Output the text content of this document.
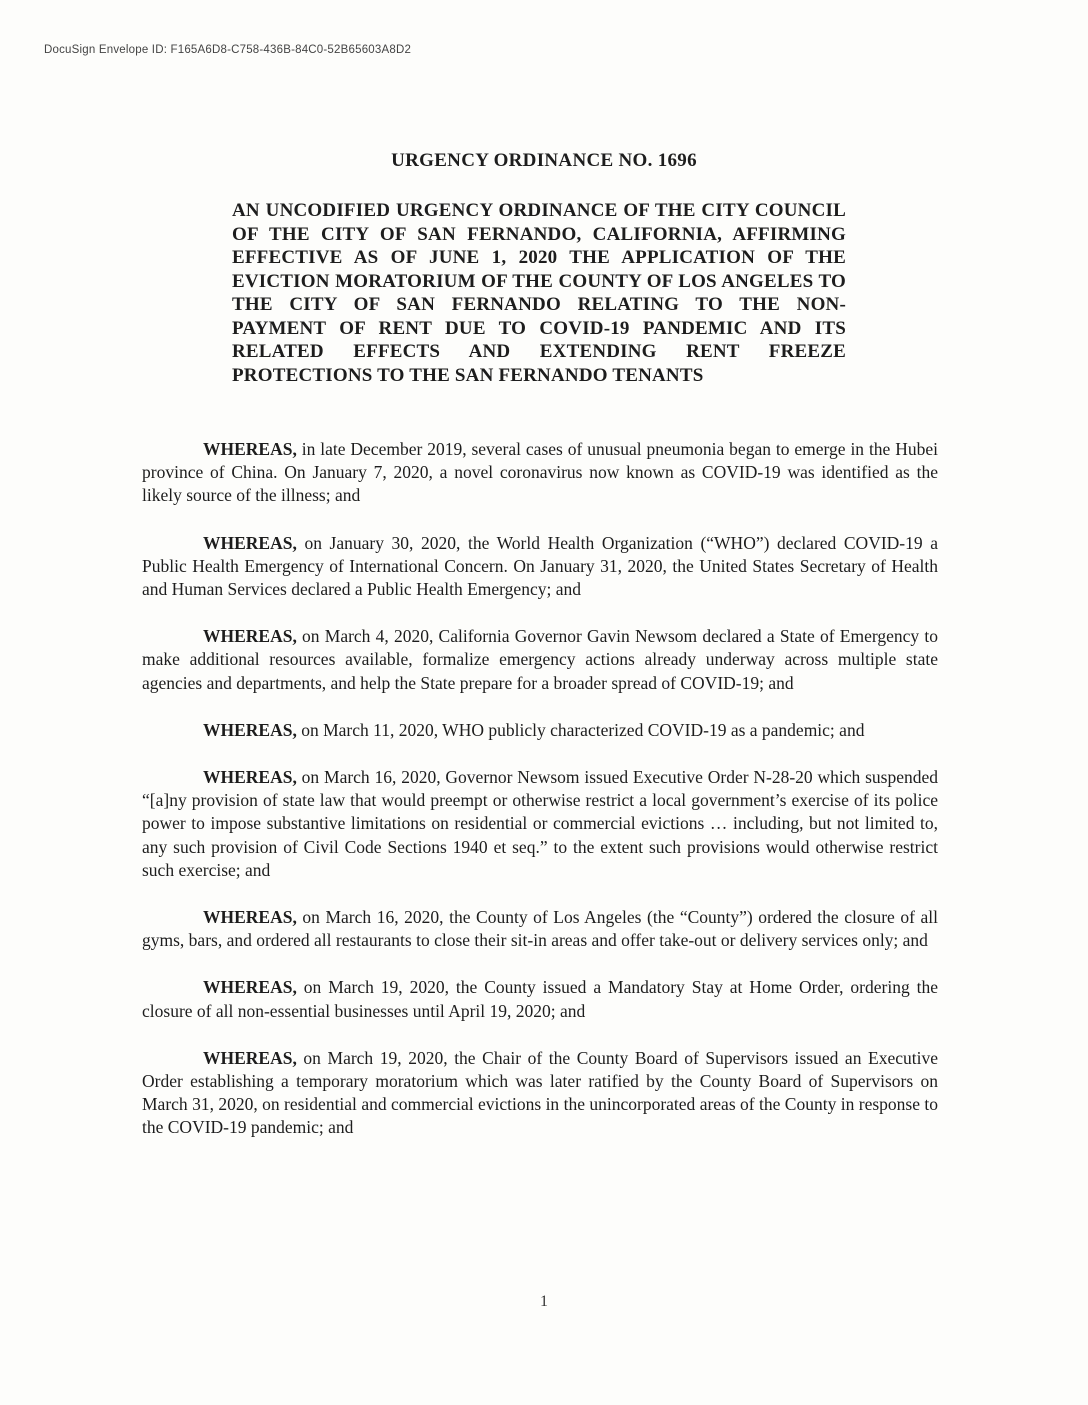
DocuSign Envelope ID: F165A6D8-C758-436B-84C0-52B65603A8D2
URGENCY ORDINANCE NO. 1696
AN UNCODIFIED URGENCY ORDINANCE OF THE CITY COUNCIL OF THE CITY OF SAN FERNANDO, CALIFORNIA, AFFIRMING EFFECTIVE AS OF JUNE 1, 2020 THE APPLICATION OF THE EVICTION MORATORIUM OF THE COUNTY OF LOS ANGELES TO THE CITY OF SAN FERNANDO RELATING TO THE NON-PAYMENT OF RENT DUE TO COVID-19 PANDEMIC AND ITS RELATED EFFECTS AND EXTENDING RENT FREEZE PROTECTIONS TO THE SAN FERNANDO TENANTS

WHEREAS, in late December 2019, several cases of unusual pneumonia began to emerge in the Hubei province of China. On January 7, 2020, a novel coronavirus now known as COVID-19 was identified as the likely source of the illness; and

WHEREAS, on January 30, 2020, the World Health Organization (“WHO”) declared COVID-19 a Public Health Emergency of International Concern. On January 31, 2020, the United States Secretary of Health and Human Services declared a Public Health Emergency; and

WHEREAS, on March 4, 2020, California Governor Gavin Newsom declared a State of Emergency to make additional resources available, formalize emergency actions already underway across multiple state agencies and departments, and help the State prepare for a broader spread of COVID-19; and

WHEREAS, on March 11, 2020, WHO publicly characterized COVID-19 as a pandemic; and

WHEREAS, on March 16, 2020, Governor Newsom issued Executive Order N-28-20 which suspended “[a]ny provision of state law that would preempt or otherwise restrict a local government’s exercise of its police power to impose substantive limitations on residential or commercial evictions … including, but not limited to, any such provision of Civil Code Sections 1940 et seq.” to the extent such provisions would otherwise restrict such exercise; and

WHEREAS, on March 16, 2020, the County of Los Angeles (the “County”) ordered the closure of all gyms, bars, and ordered all restaurants to close their sit-in areas and offer take-out or delivery services only; and

WHEREAS, on March 19, 2020, the County issued a Mandatory Stay at Home Order, ordering the closure of all non-essential businesses until April 19, 2020; and

WHEREAS, on March 19, 2020, the Chair of the County Board of Supervisors issued an Executive Order establishing a temporary moratorium which was later ratified by the County Board of Supervisors on March 31, 2020, on residential and commercial evictions in the unincorporated areas of the County in response to the COVID-19 pandemic; and

1
